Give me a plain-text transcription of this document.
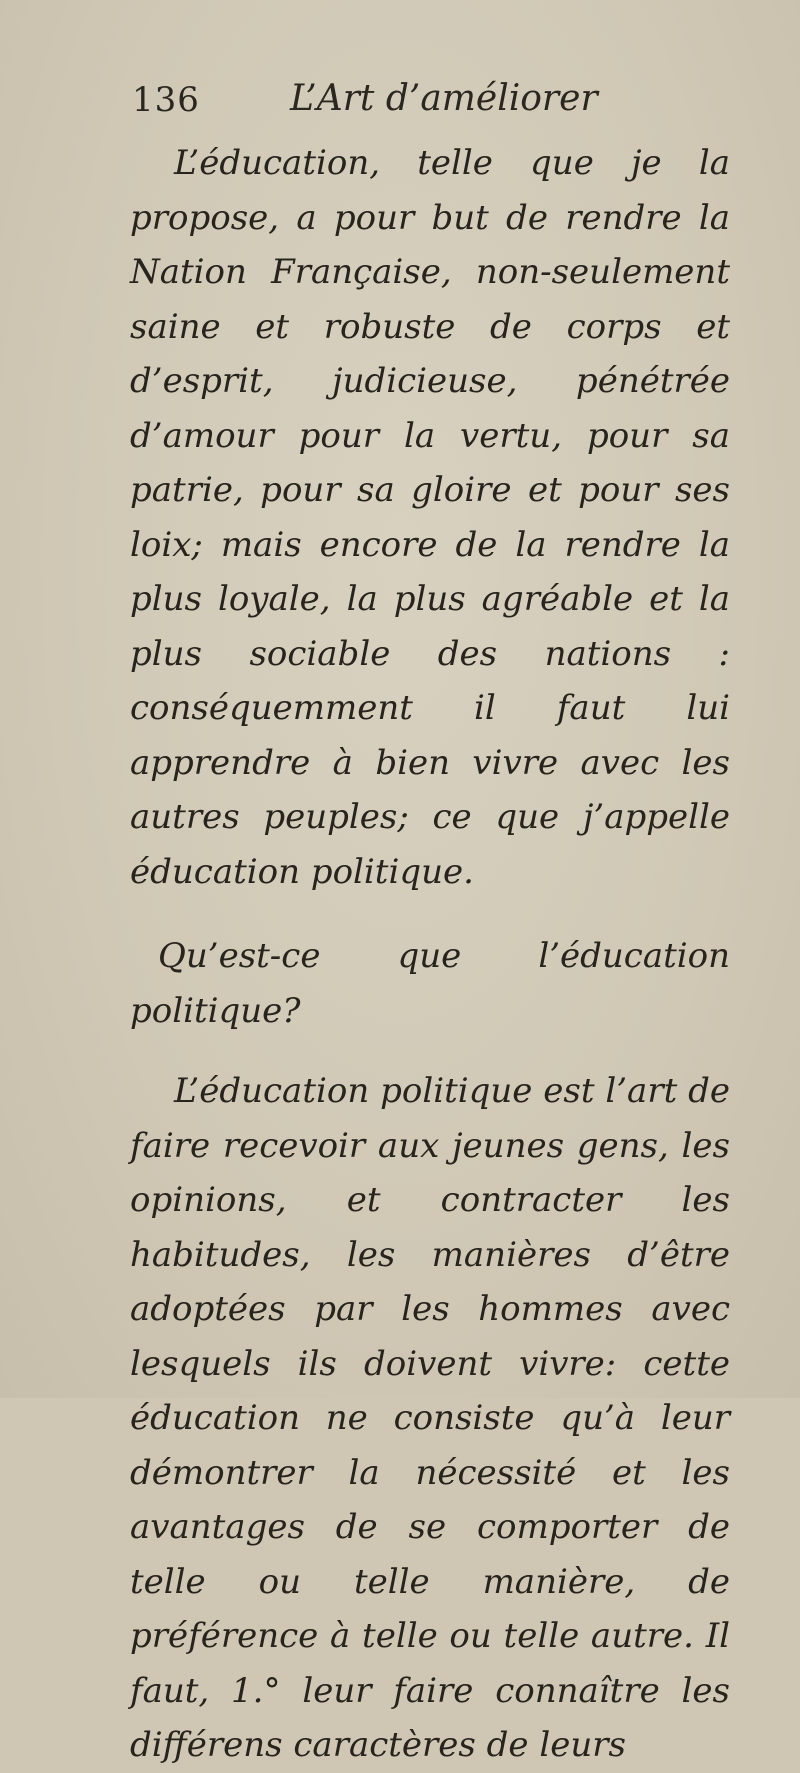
136	L’Art d’améliorer

L’éducation, telle que je la propose, a pour but de rendre la Nation Française, non-seulement saine et robuste de corps et d’esprit, judicieuse, pénétrée d’amour pour la vertu, pour sa patrie, pour sa gloire et pour ses loix; mais encore de la rendre la plus loyale, la plus agréable et la plus sociable des nations : conséquemment il faut lui apprendre à bien vivre avec les autres peuples; ce que j’appelle éducation politique.

Qu’est-ce que l’éducation politique?

L’éducation politique est l’art de faire recevoir aux jeunes gens, les opinions, et contracter les habitudes, les manières d’être adoptées par les hommes avec lesquels ils doivent vivre: cette éducation ne consiste qu’à leur démontrer la nécessité et les avantages de se comporter de telle ou telle manière, de préférence à telle ou telle autre. Il faut, 1.° leur faire connaître les différens caractères de leurs
